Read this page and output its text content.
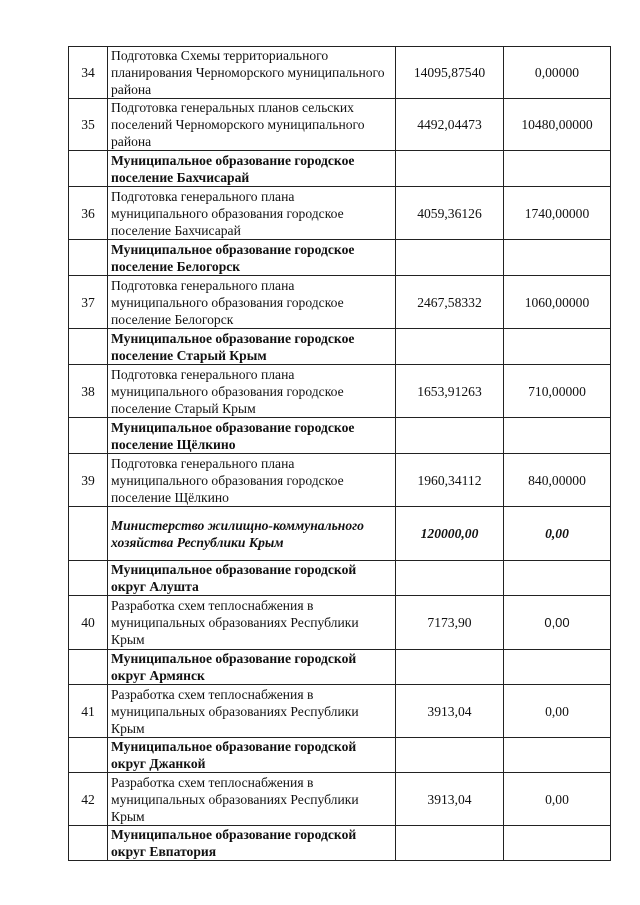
34	Подготовка Схемы территориального планирования Черноморского муниципального района	14095,87540	0,00000
35	Подготовка генеральных планов сельских поселений Черноморского муниципального района	4492,04473	10480,00000
	Муниципальное образование городское поселение Бахчисарай		
36	Подготовка генерального плана муниципального образования городское поселение Бахчисарай	4059,36126	1740,00000
	Муниципальное образование городское поселение Белогорск		
37	Подготовка генерального плана муниципального образования городское поселение Белогорск	2467,58332	1060,00000
	Муниципальное образование городское поселение Старый Крым		
38	Подготовка генерального плана муниципального образования городское поселение Старый Крым	1653,91263	710,00000
	Муниципальное образование городское поселение Щёлкино		
39	Подготовка генерального плана муниципального образования городское поселение Щёлкино	1960,34112	840,00000
	Министерство жилищно-коммунального хозяйства Республики Крым	120000,00	0,00
	Муниципальное образование городской округ Алушта		
40	Разработка схем теплоснабжения в муниципальных образованиях Республики Крым	7173,90	0,00
	Муниципальное образование городской округ Армянск		
41	Разработка схем теплоснабжения в муниципальных образованиях Республики Крым	3913,04	0,00
	Муниципальное образование городской округ Джанкой		
42	Разработка схем теплоснабжения в муниципальных образованиях Республики Крым	3913,04	0,00
	Муниципальное образование городской округ Евпатория		
